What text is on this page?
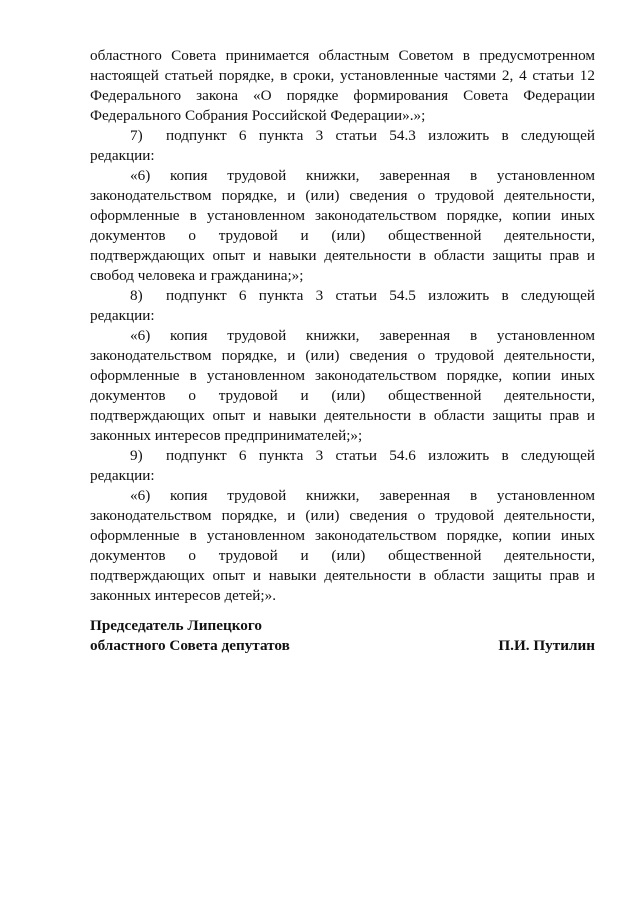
областного Совета принимается областным Советом в предусмотренном настоящей статьей порядке, в сроки, установленные частями 2, 4 статьи 12 Федерального закона «О порядке формирования Совета Федерации Федерального Собрания Российской Федерации».»;

7) подпункт 6 пункта 3 статьи 54.3 изложить в следующей редакции:

«6) копия трудовой книжки, заверенная в установленном законодательством порядке, и (или) сведения о трудовой деятельности, оформленные в установленном законодательством порядке, копии иных документов о трудовой и (или) общественной деятельности, подтверждающих опыт и навыки деятельности в области защиты прав и свобод человека и гражданина;»;

8) подпункт 6 пункта 3 статьи 54.5 изложить в следующей редакции:

«6) копия трудовой книжки, заверенная в установленном законодательством порядке, и (или) сведения о трудовой деятельности, оформленные в установленном законодательством порядке, копии иных документов о трудовой и (или) общественной деятельности, подтверждающих опыт и навыки деятельности в области защиты прав и законных интересов предпринимателей;»;

9) подпункт 6 пункта 3 статьи 54.6 изложить в следующей редакции:

«6) копия трудовой книжки, заверенная в установленном законодательством порядке, и (или) сведения о трудовой деятельности, оформленные в установленном законодательством порядке, копии иных документов о трудовой и (или) общественной деятельности, подтверждающих опыт и навыки деятельности в области защиты прав и законных интересов детей;».

Председатель Липецкого
областного Совета депутатов	П.И. Путилин
